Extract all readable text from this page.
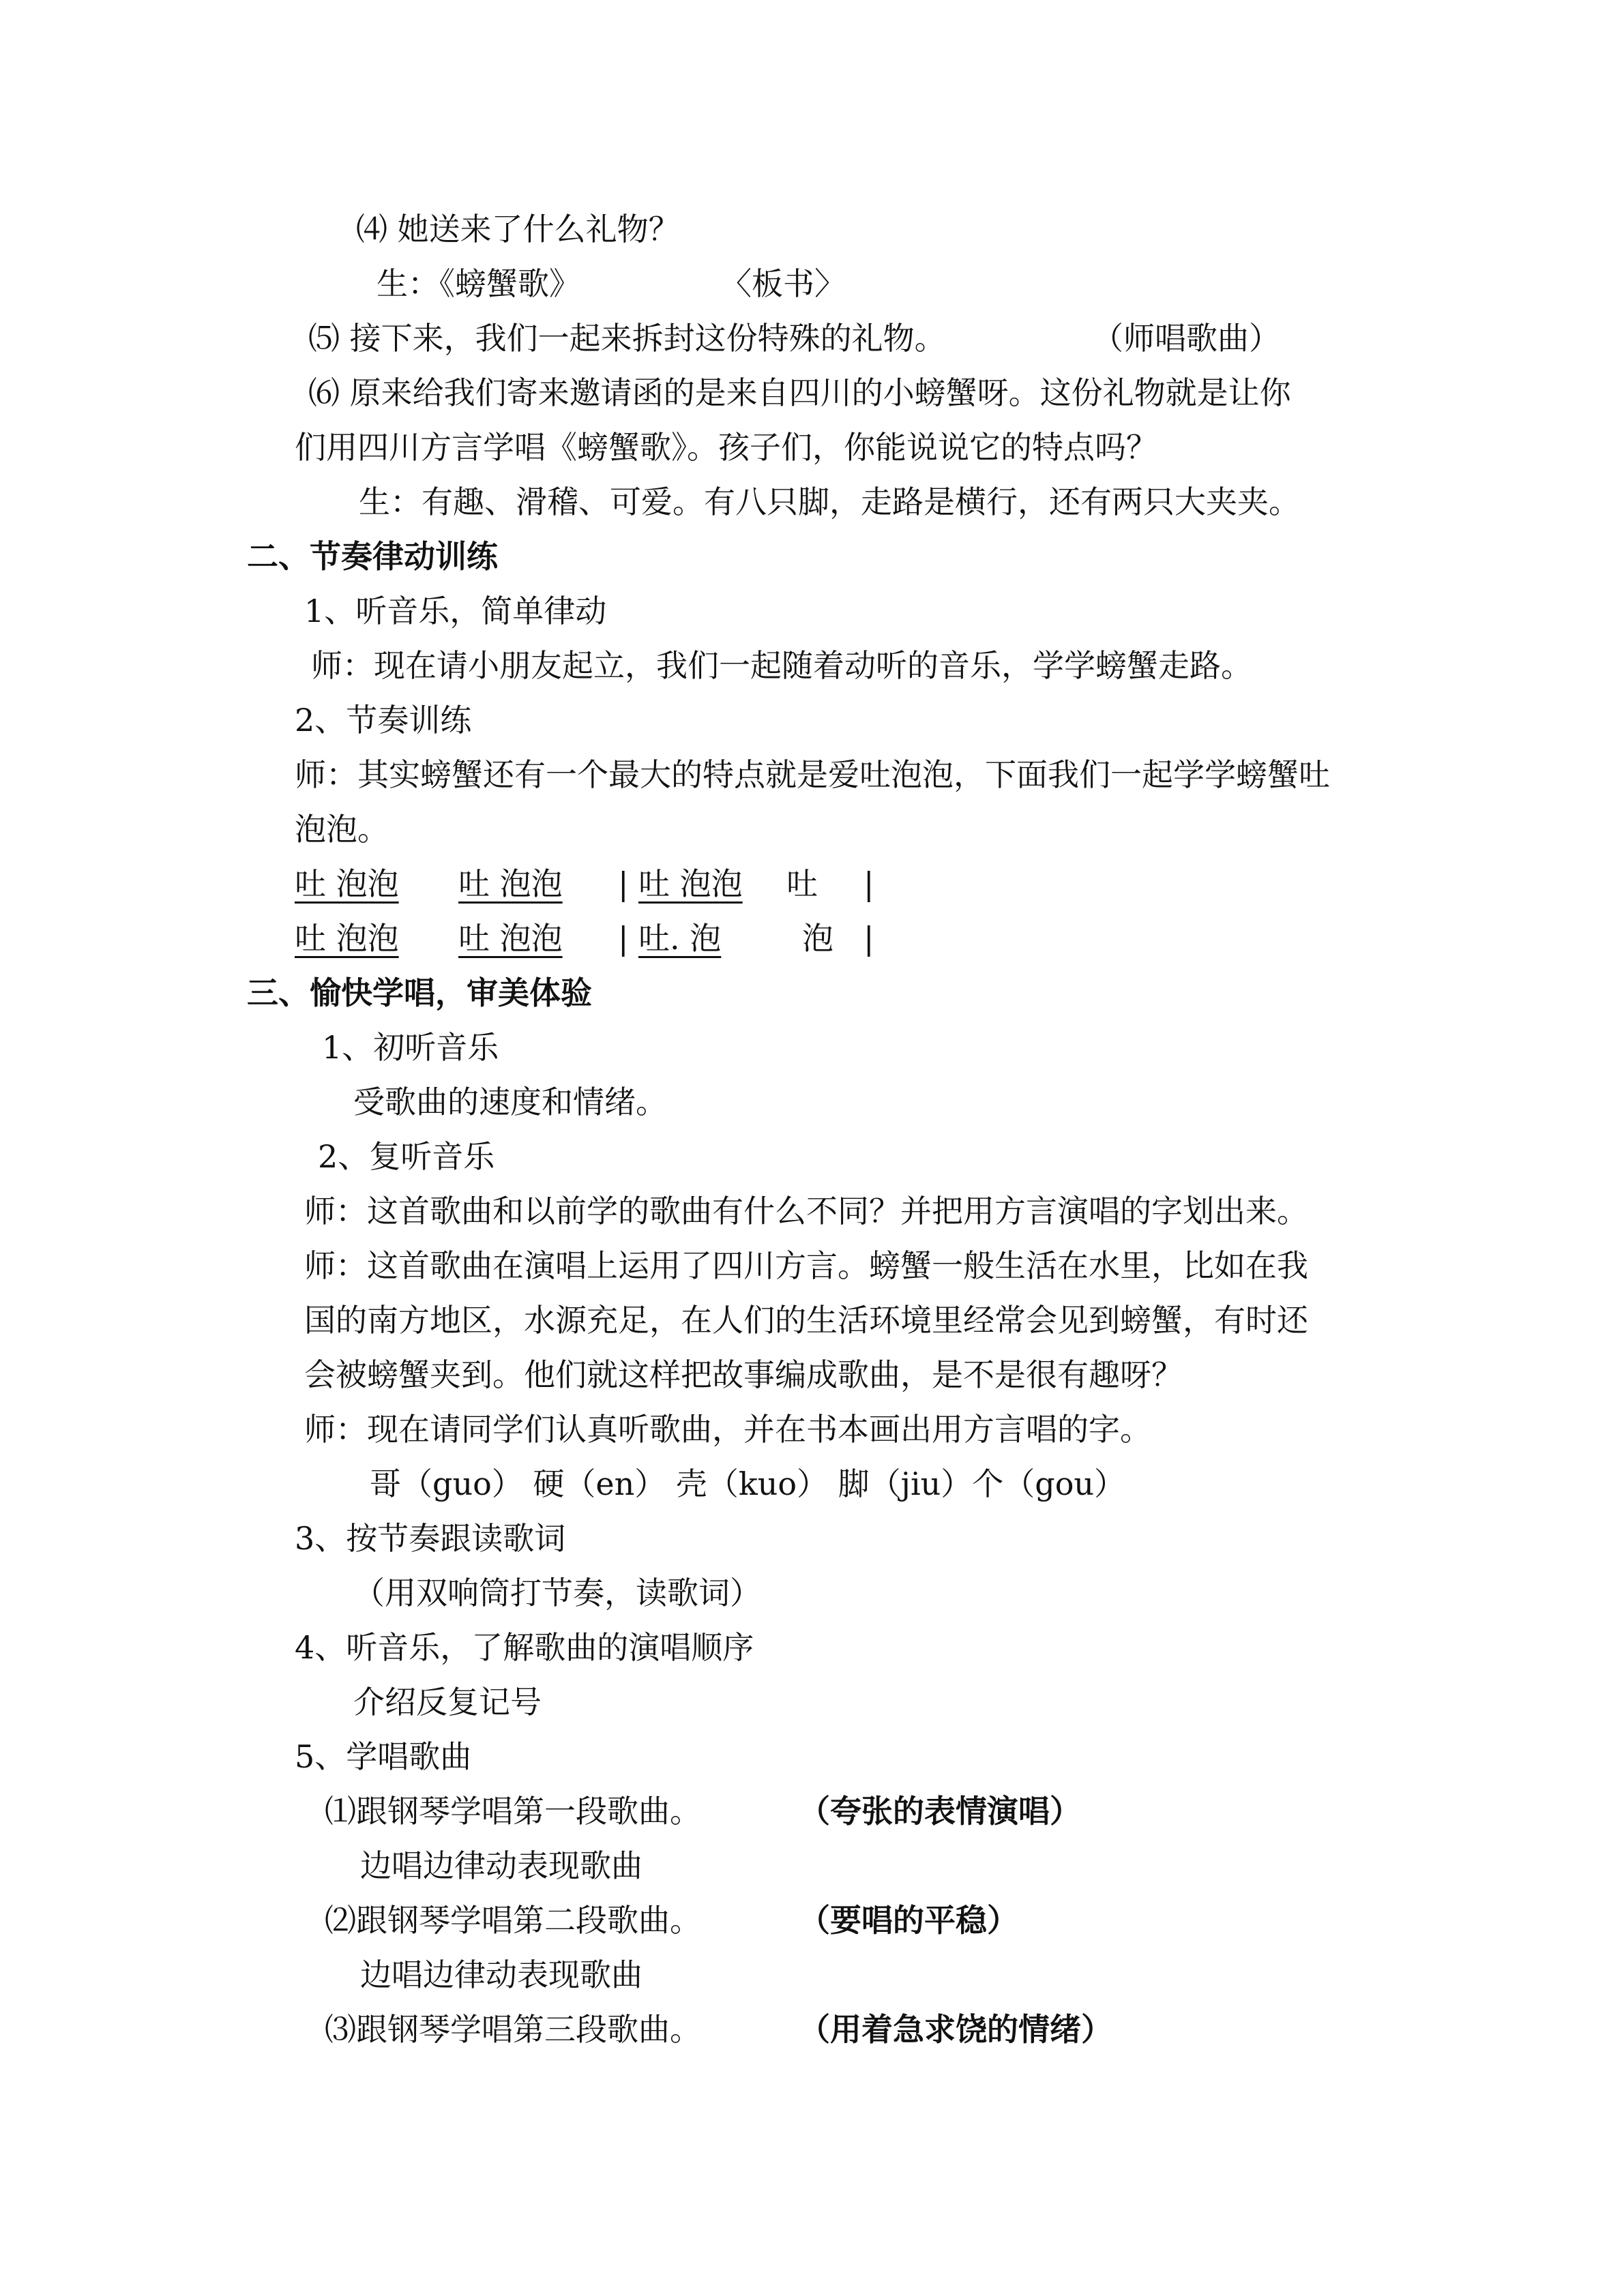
⑷ 她送来了什么礼物？
生：《螃蟹歌》	〈板书〉
⑸ 接下来，我们一起来拆封这份特殊的礼物。	（师唱歌曲）
⑹ 原来给我们寄来邀请函的是来自四川的小螃蟹呀。这份礼物就是让你
们用四川方言学唱《螃蟹歌》。孩子们，你能说说它的特点吗？
生：有趣、滑稽、可爱。有八只脚，走路是横行，还有两只大夹夹。
二、节奏律动训练
1、听音乐，简单律动
师：现在请小朋友起立，我们一起随着动听的音乐，学学螃蟹走路。
2、节奏训练
师：其实螃蟹还有一个最大的特点就是爱吐泡泡，下面我们一起学学螃蟹吐
泡泡。
吐 泡泡 吐 泡泡 | 吐 泡泡 吐 |
吐 泡泡 吐 泡泡 | 吐. 泡	泡 |
三、愉快学唱，审美体验
1、初听音乐
受歌曲的速度和情绪。
2、复听音乐
师：这首歌曲和以前学的歌曲有什么不同？并把用方言演唱的字划出来。
师：这首歌曲在演唱上运用了四川方言。螃蟹一般生活在水里，比如在我
国的南方地区，水源充足，在人们的生活环境里经常会见到螃蟹，有时还
会被螃蟹夹到。他们就这样把故事编成歌曲，是不是很有趣呀？
师：现在请同学们认真听歌曲，并在书本画出用方言唱的字。
哥（guo） 硬（en） 壳（kuo） 脚（jiu）个（gou）
3、按节奏跟读歌词
（用双响筒打节奏，读歌词）
4、听音乐，了解歌曲的演唱顺序
介绍反复记号
5、学唱歌曲
⑴跟钢琴学唱第一段歌曲。	（夸张的表情演唱）
边唱边律动表现歌曲
⑵跟钢琴学唱第二段歌曲。	（要唱的平稳）
边唱边律动表现歌曲
⑶跟钢琴学唱第三段歌曲。	（用着急求饶的情绪）
